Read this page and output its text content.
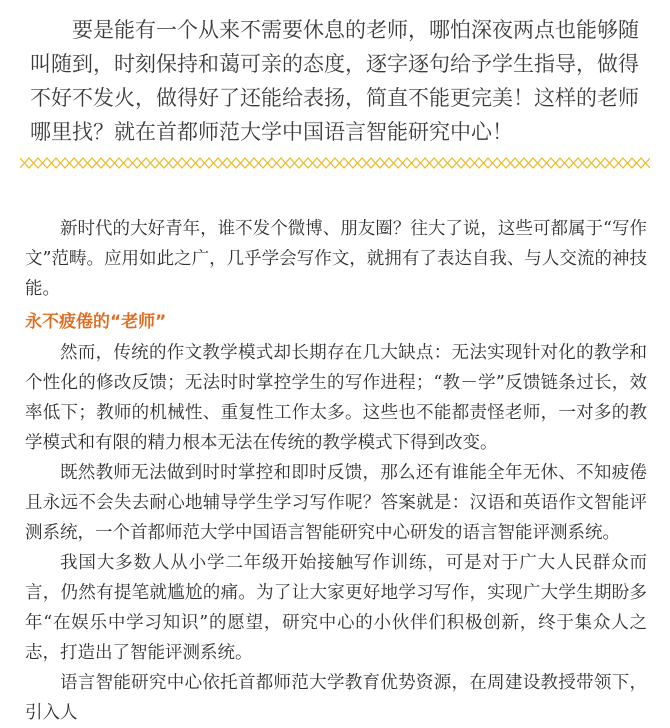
要是能有一个从来不需要休息的老师，哪怕深夜两点也能够随叫随到，时刻保持和蔼可亲的态度，逐字逐句给予学生指导，做得不好不发火，做得好了还能给表扬，简直不能更完美！这样的老师哪里找？就在首都师范大学中国语言智能研究中心！

新时代的大好青年，谁不发个微博、朋友圈？往大了说，这些可都属于“写作文”范畴。应用如此之广，几乎学会写作文，就拥有了表达自我、与人交流的神技能。

永不疲倦的“老师”

然而，传统的作文教学模式却长期存在几大缺点：无法实现针对化的教学和个性化的修改反馈；无法时时掌控学生的写作进程；“教－学”反馈链条过长，效率低下；教师的机械性、重复性工作太多。这些也不能都责怪老师，一对多的教学模式和有限的精力根本无法在传统的教学模式下得到改变。

既然教师无法做到时时掌控和即时反馈，那么还有谁能全年无休、不知疲倦且永远不会失去耐心地辅导学生学习写作呢？答案就是：汉语和英语作文智能评测系统，一个首都师范大学中国语言智能研究中心研发的语言智能评测系统。

我国大多数人从小学二年级开始接触写作训练，可是对于广大人民群众而言，仍然有提笔就尴尬的痛。为了让大家更好地学习写作，实现广大学生期盼多年“在娱乐中学习知识”的愿望，研究中心的小伙伴们积极创新，终于集众人之志，打造出了智能评测系统。

语言智能研究中心依托首都师范大学教育优势资源，在周建设教授带领下，引入人
